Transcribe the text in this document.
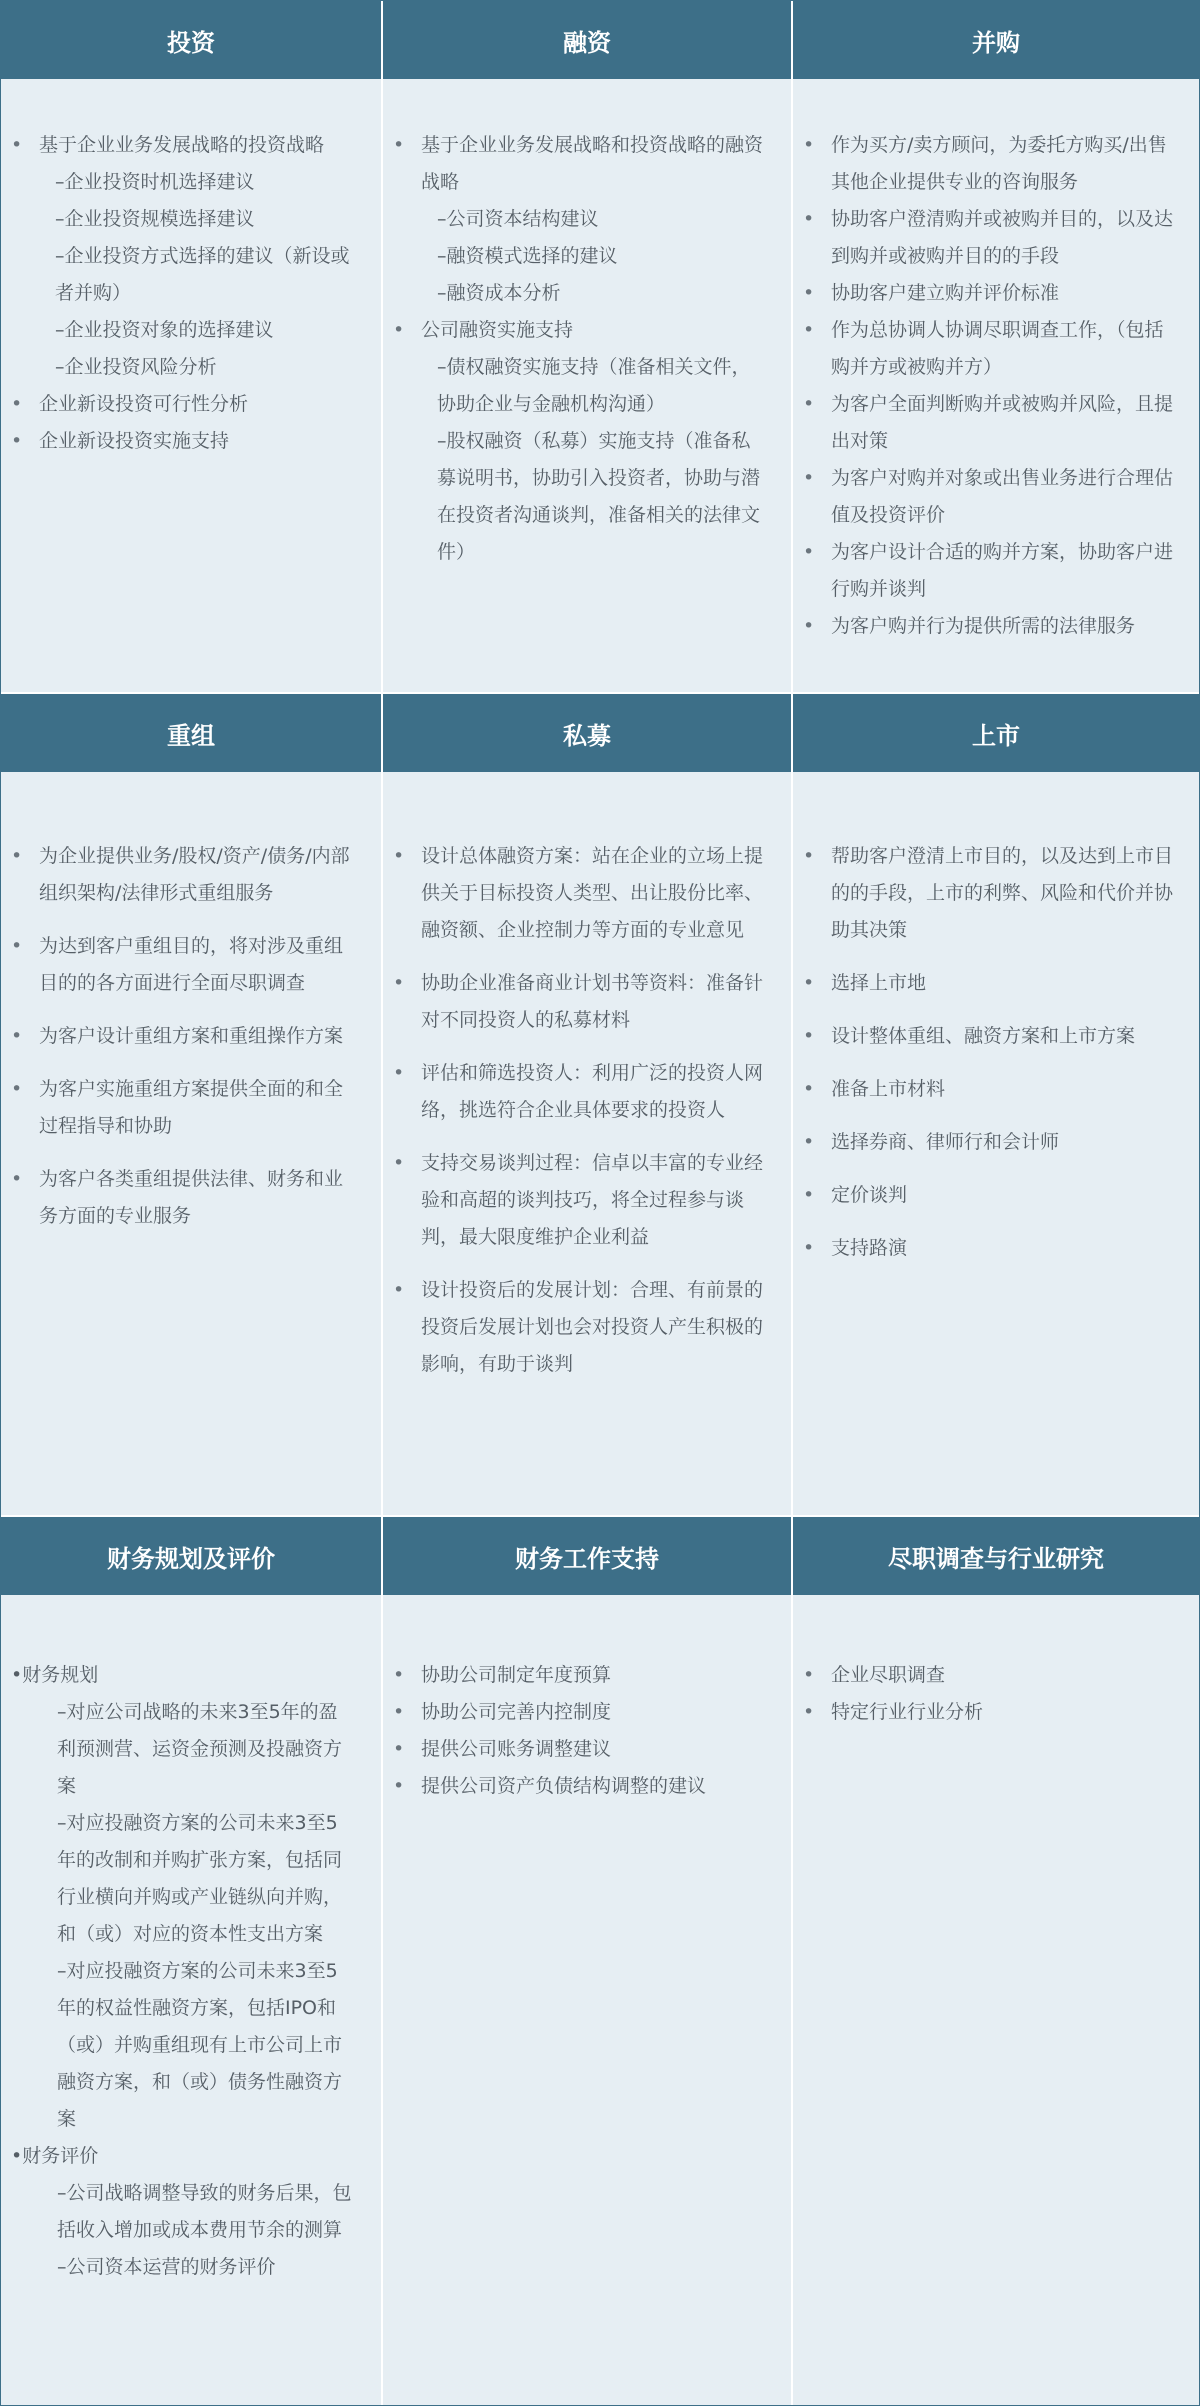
投资
• 基于企业业务发展战略的投资战略
–企业投资时机选择建议
–企业投资规模选择建议
–企业投资方式选择的建议（新设或者并购）
–企业投资对象的选择建议
–企业投资风险分析
• 企业新设投资可行性分析
• 企业新设投资实施支持
融资
• 基于企业业务发展战略和投资战略的融资战略
–公司资本结构建议
–融资模式选择的建议
–融资成本分析
• 公司融资实施支持
–债权融资实施支持（准备相关文件，协助企业与金融机构沟通）
–股权融资（私募）实施支持（准备私募说明书，协助引入投资者，协助与潜在投资者沟通谈判，准备相关的法律文件）
并购
• 作为买方/卖方顾问，为委托方购买/出售其他企业提供专业的咨询服务
• 协助客户澄清购并或被购并目的，以及达到购并或被购并目的的手段
• 协助客户建立购并评价标准
• 作为总协调人协调尽职调查工作，（包括购并方或被购并方）
• 为客户全面判断购并或被购并风险，且提出对策
• 为客户对购并对象或出售业务进行合理估值及投资评价
• 为客户设计合适的购并方案，协助客户进行购并谈判
• 为客户购并行为提供所需的法律服务
重组
• 为企业提供业务/股权/资产/债务/内部组织架构/法律形式重组服务
• 为达到客户重组目的，将对涉及重组目的的各方面进行全面尽职调查
• 为客户设计重组方案和重组操作方案
• 为客户实施重组方案提供全面的和全过程指导和协助
• 为客户各类重组提供法律、财务和业务方面的专业服务
私募
• 设计总体融资方案：站在企业的立场上提供关于目标投资人类型、出让股份比率、融资额、企业控制力等方面的专业意见
• 协助企业准备商业计划书等资料：准备针对不同投资人的私募材料
• 评估和筛选投资人：利用广泛的投资人网络，挑选符合企业具体要求的投资人
• 支持交易谈判过程：信卓以丰富的专业经验和高超的谈判技巧，将全过程参与谈判，最大限度维护企业利益
• 设计投资后的发展计划：合理、有前景的投资后发展计划也会对投资人产生积极的影响，有助于谈判
上市
• 帮助客户澄清上市目的，以及达到上市目的的手段，上市的利弊、风险和代价并协助其决策
• 选择上市地
• 设计整体重组、融资方案和上市方案
• 准备上市材料
• 选择券商、律师行和会计师
• 定价谈判
• 支持路演
财务规划及评价
•财务规划
–对应公司战略的未来3至5年的盈利预测营、运资金预测及投融资方案
–对应投融资方案的公司未来3至5年的改制和并购扩张方案，包括同行业横向并购或产业链纵向并购，和（或）对应的资本性支出方案
–对应投融资方案的公司未来3至5年的权益性融资方案，包括IPO和（或）并购重组现有上市公司上市融资方案，和（或）债务性融资方案
•财务评价
–公司战略调整导致的财务后果，包括收入增加或成本费用节余的测算
–公司资本运营的财务评价
财务工作支持
• 协助公司制定年度预算
• 协助公司完善内控制度
• 提供公司账务调整建议
• 提供公司资产负债结构调整的建议
尽职调查与行业研究
• 企业尽职调查
• 特定行业行业分析
